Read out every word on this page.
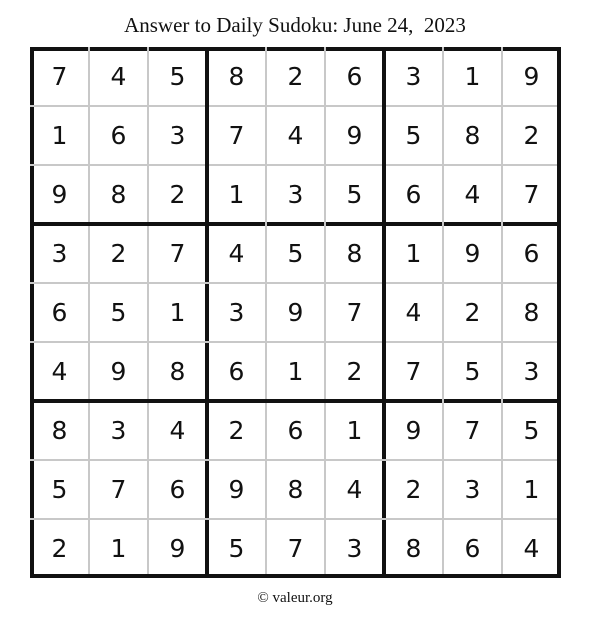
Answer to Daily Sudoku: June 24,  2023
7	4	5	8	2	6	3	1	9
1	6	3	7	4	9	5	8	2
9	8	2	1	3	5	6	4	7
3	2	7	4	5	8	1	9	6
6	5	1	3	9	7	4	2	8
4	9	8	6	1	2	7	5	3
8	3	4	2	6	1	9	7	5
5	7	6	9	8	4	2	3	1
2	1	9	5	7	3	8	6	4
© valeur.org
